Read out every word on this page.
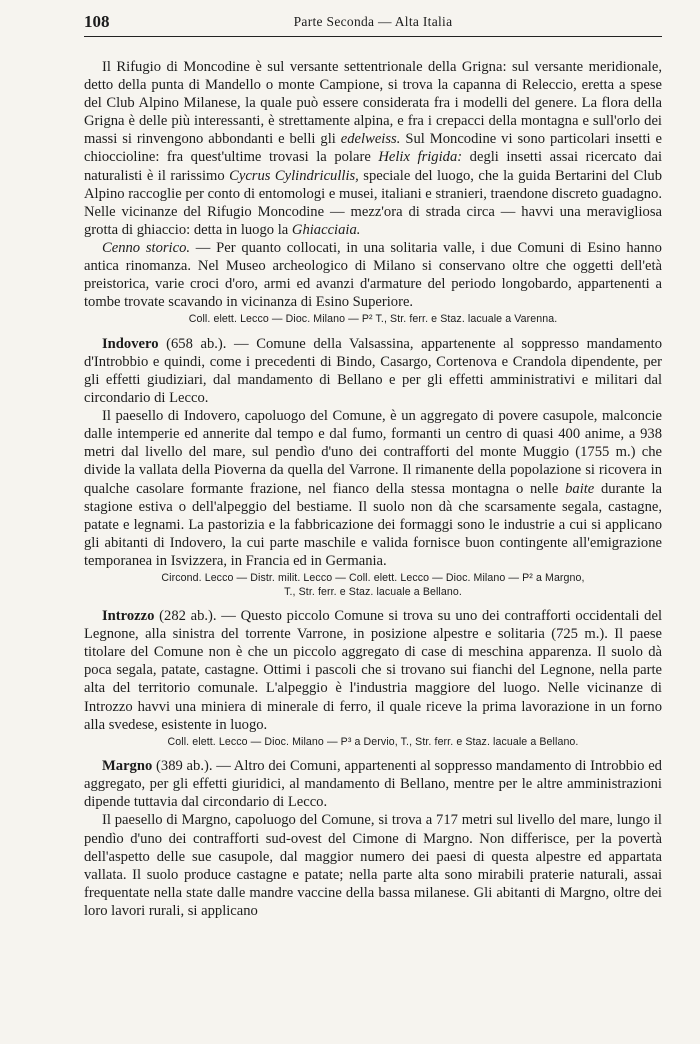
108	Parte Seconda — Alta Italia

Il Rifugio di Moncodine è sul versante settentrionale della Grigna: sul versante meridionale, detto della punta di Mandello o monte Campione, si trova la capanna di Releccio, eretta a spese del Club Alpino Milanese, la quale può essere considerata fra i modelli del genere. La flora della Grigna è delle più interessanti, è strettamente alpina, e fra i crepacci della montagna e sull'orlo dei massi si rinvengono abbondanti e belli gli edelweiss. Sul Moncodine vi sono particolari insetti e chioccioline: fra quest'ultime trovasi la polare Helix frigida: degli insetti assai ricercato dai naturalisti è il rarissimo Cycrus Cylindricullis, speciale del luogo, che la guida Bertarini del Club Alpino raccoglie per conto di entomologi e musei, italiani e stranieri, traendone discreto guadagno. Nelle vicinanze del Rifugio Moncodine — mezz'ora di strada circa — havvi una meravigliosa grotta di ghiaccio: detta in luogo la Ghiacciaia.

Cenno storico. — Per quanto collocati, in una solitaria valle, i due Comuni di Esino hanno antica rinomanza. Nel Museo archeologico di Milano si conservano oltre che oggetti dell'età preistorica, varie croci d'oro, armi ed avanzi d'armature del periodo longobardo, appartenenti a tombe trovate scavando in vicinanza di Esino Superiore.

Coll. elett. Lecco — Dioc. Milano — P² T., Str. ferr. e Staz. lacuale a Varenna.

Indovero (658 ab.). — Comune della Valsassina, appartenente al soppresso mandamento d'Introbbio e quindi, come i precedenti di Bindo, Casargo, Cortenova e Crandola dipendente, per gli effetti giudiziari, dal mandamento di Bellano e per gli effetti amministrativi e militari dal circondario di Lecco.

Il paesello di Indovero, capoluogo del Comune, è un aggregato di povere casupole, malconcie dalle intemperie ed annerite dal tempo e dal fumo, formanti un centro di quasi 400 anime, a 938 metri dal livello del mare, sul pendìo d'uno dei contrafforti del monte Muggio (1755 m.) che divide la vallata della Pioverna da quella del Varrone. Il rimanente della popolazione si ricovera in qualche casolare formante frazione, nel fianco della stessa montagna o nelle baite durante la stagione estiva o dell'alpeggio del bestiame. Il suolo non dà che scarsamente segala, castagne, patate e legnami. La pastorizia e la fabbricazione dei formaggi sono le industrie a cui si applicano gli abitanti di Indovero, la cui parte maschile e valida fornisce buon contingente all'emigrazione temporanea in Isvizzera, in Francia ed in Germania.

Circond. Lecco — Distr. milit. Lecco — Coll. elett. Lecco — Dioc. Milano — P² a Margno,
T., Str. ferr. e Staz. lacuale a Bellano.

Introzzo (282 ab.). — Questo piccolo Comune si trova su uno dei contrafforti occidentali del Legnone, alla sinistra del torrente Varrone, in posizione alpestre e solitaria (725 m.). Il paese titolare del Comune non è che un piccolo aggregato di case di meschina apparenza. Il suolo dà poca segala, patate, castagne. Ottimi i pascoli che si trovano sui fianchi del Legnone, nella parte alta del territorio comunale. L'alpeggio è l'industria maggiore del luogo. Nelle vicinanze di Introzzo havvi una miniera di minerale di ferro, il quale riceve la prima lavorazione in un forno alla svedese, esistente in luogo.

Coll. elett. Lecco — Dioc. Milano — P³ a Dervio, T., Str. ferr. e Staz. lacuale a Bellano.

Margno (389 ab.). — Altro dei Comuni, appartenenti al soppresso mandamento di Introbbio ed aggregato, per gli effetti giuridici, al mandamento di Bellano, mentre per le altre amministrazioni dipende tuttavia dal circondario di Lecco.

Il paesello di Margno, capoluogo del Comune, si trova a 717 metri sul livello del mare, lungo il pendìo d'uno dei contrafforti sud-ovest del Cimone di Margno. Non differisce, per la povertà dell'aspetto delle sue casupole, dal maggior numero dei paesi di questa alpestre ed appartata vallata. Il suolo produce castagne e patate; nella parte alta sono mirabili praterie naturali, assai frequentate nella state dalle mandre vaccine della bassa milanese. Gli abitanti di Margno, oltre dei loro lavori rurali, si applicano
